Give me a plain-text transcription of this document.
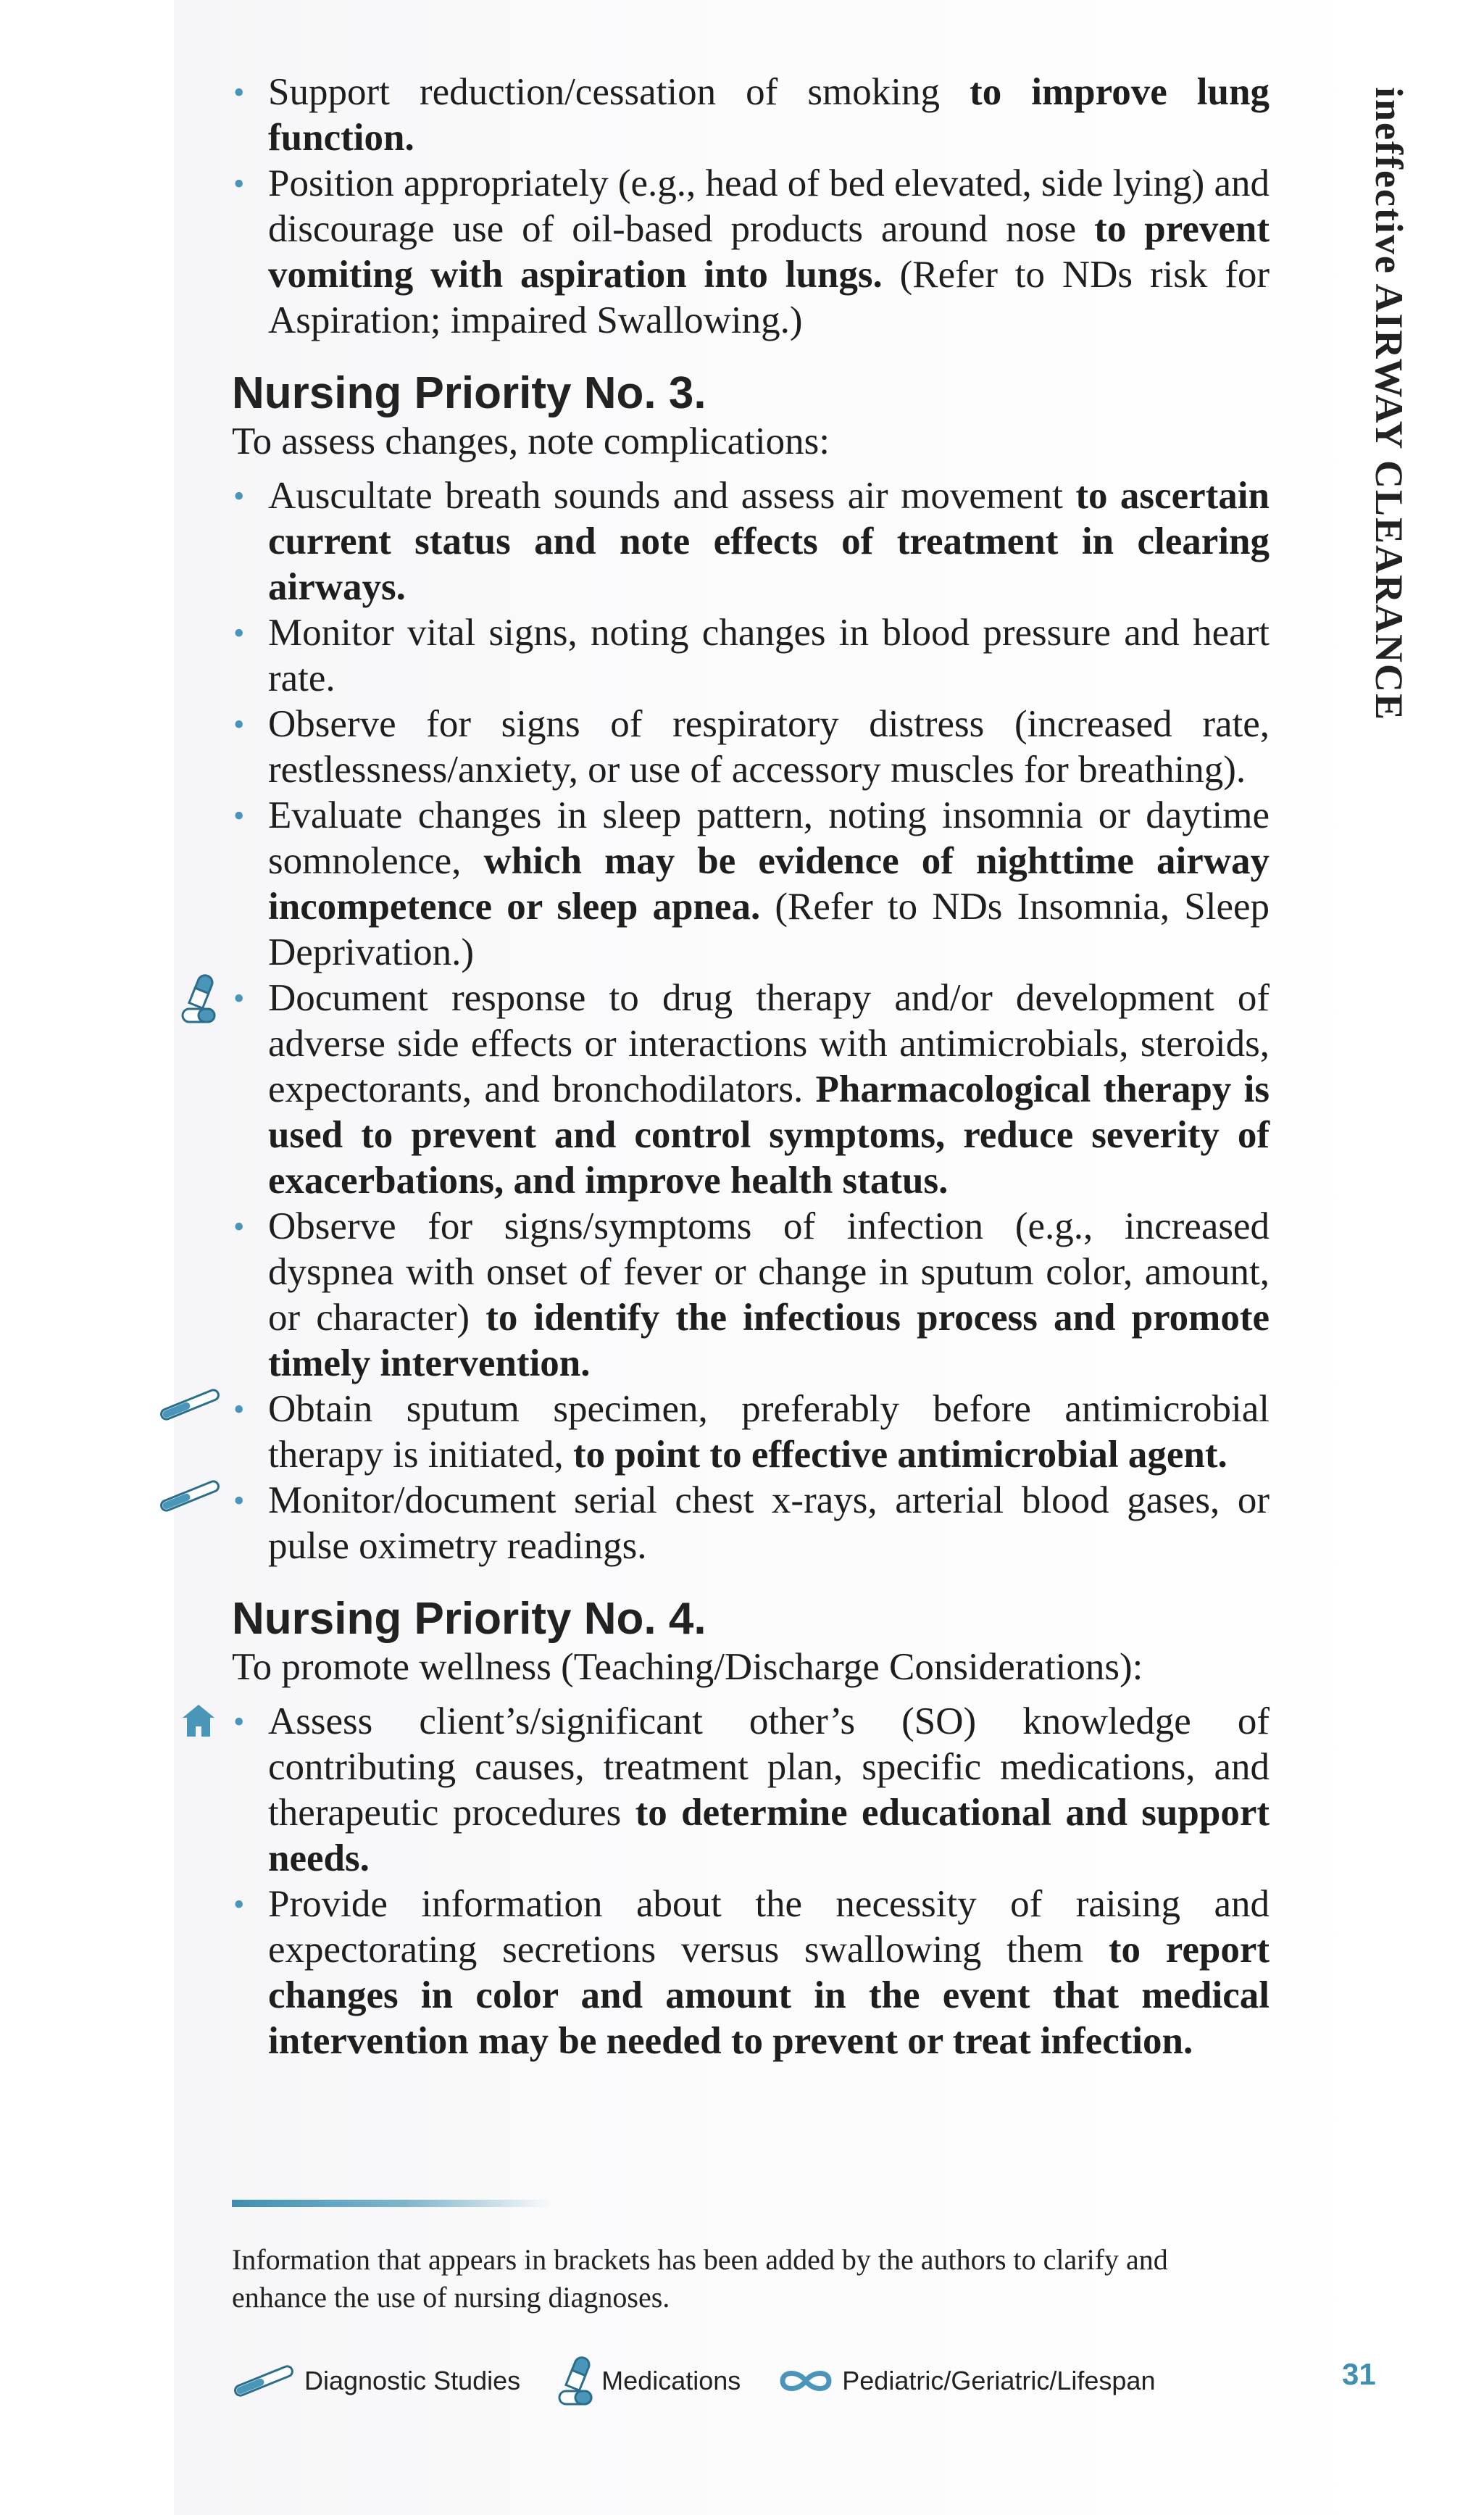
ineffective AIRWAY CLEARANCE
• Support reduction/cessation of smoking to improve lung function.
• Position appropriately (e.g., head of bed elevated, side lying) and discourage use of oil-based products around nose to prevent vomiting with aspiration into lungs. (Refer to NDs risk for Aspiration; impaired Swallowing.)
Nursing Priority No. 3.
To assess changes, note complications:
• Auscultate breath sounds and assess air movement to ascertain current status and note effects of treatment in clearing airways.
• Monitor vital signs, noting changes in blood pressure and heart rate.
• Observe for signs of respiratory distress (increased rate, restlessness/anxiety, or use of accessory muscles for breathing).
• Evaluate changes in sleep pattern, noting insomnia or daytime somnolence, which may be evidence of nighttime airway incompetence or sleep apnea. (Refer to NDs Insomnia, Sleep Deprivation.)
• Document response to drug therapy and/or development of adverse side effects or interactions with antimicrobials, steroids, expectorants, and bronchodilators. Pharmacological therapy is used to prevent and control symptoms, reduce severity of exacerbations, and improve health status.
• Observe for signs/symptoms of infection (e.g., increased dyspnea with onset of fever or change in sputum color, amount, or character) to identify the infectious process and promote timely intervention.
• Obtain sputum specimen, preferably before antimicrobial therapy is initiated, to point to effective antimicrobial agent.
• Monitor/document serial chest x-rays, arterial blood gases, or pulse oximetry readings.
Nursing Priority No. 4.
To promote wellness (Teaching/Discharge Considerations):
• Assess client’s/significant other’s (SO) knowledge of contributing causes, treatment plan, specific medications, and therapeutic procedures to determine educational and support needs.
• Provide information about the necessity of raising and expectorating secretions versus swallowing them to report changes in color and amount in the event that medical intervention may be needed to prevent or treat infection.
Information that appears in brackets has been added by the authors to clarify and enhance the use of nursing diagnoses.
Diagnostic Studies	Medications	Pediatric/Geriatric/Lifespan	31
